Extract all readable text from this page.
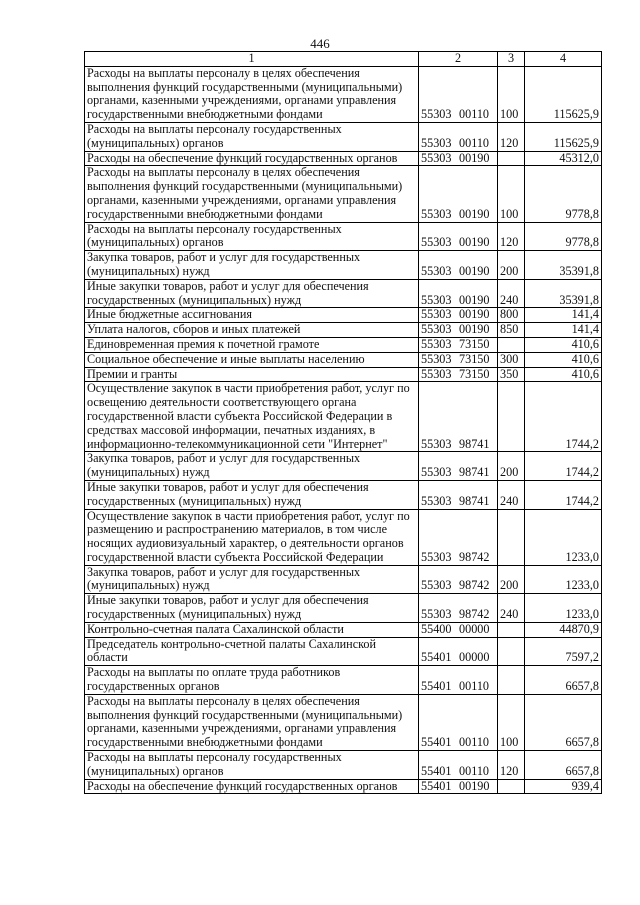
446
1	2	3	4
Расходы на выплаты персоналу в целях обеспечения выполнения функций государственными (муниципальными) органами, казенными учреждениями, органами управления государственными внебюджетными фондами	55303 00110	100	115625,9
Расходы на выплаты персоналу государственных (муниципальных) органов	55303 00110	120	115625,9
Расходы на обеспечение функций государственных органов	55303 00190		45312,0
Расходы на выплаты персоналу в целях обеспечения выполнения функций государственными (муниципальными) органами, казенными учреждениями, органами управления государственными внебюджетными фондами	55303 00190	100	9778,8
Расходы на выплаты персоналу государственных (муниципальных) органов	55303 00190	120	9778,8
Закупка товаров, работ и услуг для государственных (муниципальных) нужд	55303 00190	200	35391,8
Иные закупки товаров, работ и услуг для обеспечения государственных (муниципальных) нужд	55303 00190	240	35391,8
Иные бюджетные ассигнования	55303 00190	800	141,4
Уплата налогов, сборов и иных платежей	55303 00190	850	141,4
Единовременная премия к почетной грамоте	55303 73150		410,6
Социальное обеспечение и иные выплаты населению	55303 73150	300	410,6
Премии и гранты	55303 73150	350	410,6
Осуществление закупок в части приобретения работ, услуг по освещению деятельности соответствующего органа государственной власти субъекта Российской Федерации в средствах массовой информации, печатных изданиях, в информационно-телекоммуникационной сети "Интернет"	55303 98741		1744,2
Закупка товаров, работ и услуг для государственных (муниципальных) нужд	55303 98741	200	1744,2
Иные закупки товаров, работ и услуг для обеспечения государственных (муниципальных) нужд	55303 98741	240	1744,2
Осуществление закупок в части приобретения работ, услуг по размещению и распространению материалов, в том числе носящих аудиовизуальный характер, о деятельности органов государственной власти субъекта Российской Федерации	55303 98742		1233,0
Закупка товаров, работ и услуг для государственных (муниципальных) нужд	55303 98742	200	1233,0
Иные закупки товаров, работ и услуг для обеспечения государственных (муниципальных) нужд	55303 98742	240	1233,0
Контрольно-счетная палата Сахалинской области	55400 00000		44870,9
Председатель контрольно-счетной палаты Сахалинской области	55401 00000		7597,2
Расходы на выплаты по оплате труда работников государственных органов	55401 00110		6657,8
Расходы на выплаты персоналу в целях обеспечения выполнения функций государственными (муниципальными) органами, казенными учреждениями, органами управления государственными внебюджетными фондами	55401 00110	100	6657,8
Расходы на выплаты персоналу государственных (муниципальных) органов	55401 00110	120	6657,8
Расходы на обеспечение функций государственных органов	55401 00190		939,4
